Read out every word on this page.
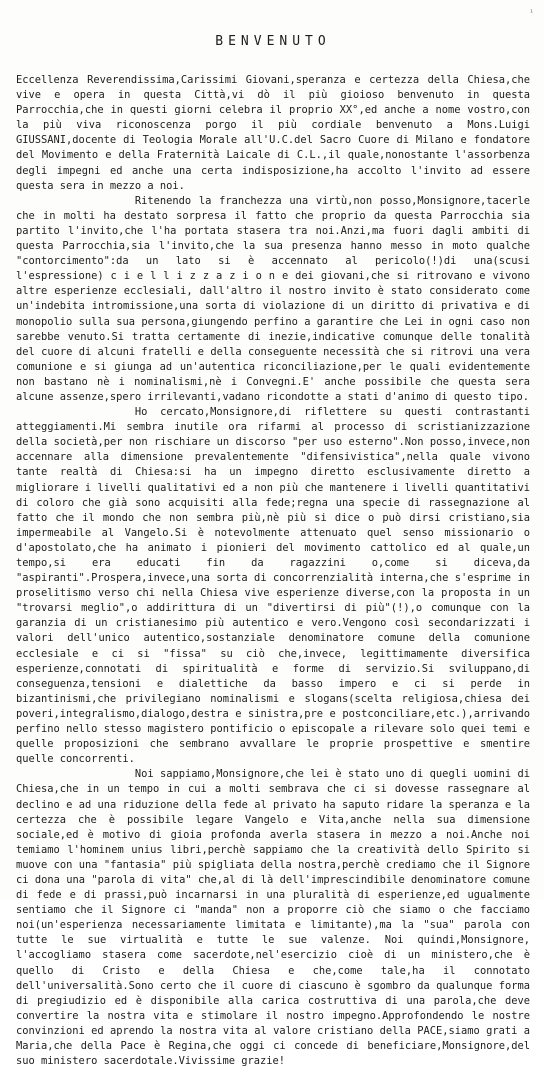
¹
BENVENUTO

Eccellenza Reverendissima,Carissimi Giovani,speranza e certezza della Chiesa,che vive e opera in questa Città,vi dò il più gioioso benvenuto in questa Parrocchia,che in questi giorni celebra il proprio XX°,ed anche a nome vostro,con la più viva riconoscenza porgo il più cordiale benvenuto a Mons.Luigi GIUSSANI,docente di Teologia Morale all'U.C.del Sacro Cuore di Milano e fondatore del Movimento e della Fraternità Laicale di C.L.,il quale,nonostante l'assorbenza degli impegni ed anche una certa indisposizione,ha accolto l'invito ad essere questa sera in mezzo a noi.

Ritenendo la franchezza una virtù,non posso,Monsignore,tacerle che in molti ha destato sorpresa il fatto che proprio da questa Parrocchia sia partito l'invito,che l'ha portata stasera tra noi.Anzi,ma fuori dagli ambiti di questa Parrocchia,sia l'invito,che la sua presenza hanno messo in moto qualche "contorcimento":da un lato si è accennato al pericolo(!)di una(scusi l'espressione) c i e l l i z z a z i o n e dei giovani,che si ritrovano e vivono altre esperienze ecclesiali, dall'altro il nostro invito è stato considerato come un'indebita intromissione,una sorta di violazione di un diritto di privativa e di monopolio sulla sua persona,giungendo perfino a garantire che Lei in ogni caso non sarebbe venuto.Si tratta certamente di inezie,indicative comunque delle tonalità del cuore di alcuni fratelli e della conseguente necessità che si ritrovi una vera comunione e si giunga ad un'autentica riconciliazione,per le quali evidentemente non bastano nè i nominalismi,nè i Convegni.E' anche possibile che questa sera alcune assenze,spero irrilevanti,vadano ricondotte a stati d'animo di questo tipo.

Ho cercato,Monsignore,di riflettere su questi contrastanti atteggiamenti.Mi sembra inutile ora rifarmi al processo di scristianizzazione della società,per non rischiare un discorso "per uso esterno".Non posso,invece,non accennare alla dimensione prevalentemente "difensivistica",nella quale vivono tante realtà di Chiesa:si ha un impegno diretto esclusivamente diretto a migliorare i livelli qualitativi ed a non più che mantenere i livelli quantitativi di coloro che già sono acquisiti alla fede;regna una specie di rassegnazione al fatto che il mondo che non sembra più,nè più si dice o può dirsi cristiano,sia impermeabile al Vangelo.Si è notevolmente attenuato quel senso missionario o d'apostolato,che ha animato i pionieri del movimento cattolico ed al quale,un tempo,si era educati fin da ragazzini o,come si diceva,da "aspiranti".Prospera,invece,una sorta di concorrenzialità interna,che s'esprime in proselitismo verso chi nella Chiesa vive esperienze diverse,con la proposta in un "trovarsi meglio",o addirittura di un "divertirsi di più"(!),o comunque con la garanzia di un cristianesimo più autentico e vero.Vengono così secondarizzati i valori dell'unico autentico,sostanziale denominatore comune della comunione ecclesiale e ci si "fissa" su ciò che,invece, legittimamente diversifica esperienze,connotati di spiritualità e forme di servizio.Si sviluppano,di conseguenza,tensioni e dialettiche da basso impero e ci si perde in bizantinismi,che privilegiano nominalismi e slogans(scelta religiosa,chiesa dei poveri,integralismo,dialogo,destra e sinistra,pre e postconciliare,etc.),arrivando perfino nello stesso magistero pontificio o episcopale a rilevare solo quei temi e quelle proposizioni che sembrano avvallare le proprie prospettive e smentire quelle concorrenti.

Noi sappiamo,Monsignore,che lei è stato uno di quegli uomini di Chiesa,che in un tempo in cui a molti sembrava che ci si dovesse rassegnare al declino e ad una riduzione della fede al privato ha saputo ridare la speranza e la certezza che è possibile legare Vangelo e Vita,anche nella sua dimensione sociale,ed è motivo di gioia profonda averla stasera in mezzo a noi.Anche noi temiamo l'hominem unius libri,perchè sappiamo che la creatività dello Spirito si muove con una "fantasia" più spigliata della nostra,perchè crediamo che il Signore ci dona una "parola di vita" che,al di là dell'imprescindibile denominatore comune di fede e di prassi,può incarnarsi in una pluralità di esperienze,ed ugualmente sentiamo che il Signore ci "manda" non a proporre ciò che siamo o che facciamo noi(un'esperienza necessariamente limitata e limitante),ma la "sua" parola con tutte le sue virtualità e tutte le sue valenze. Noi quindi,Monsignore, l'accogliamo stasera come sacerdote,nel'esercizio cioè di un ministero,che è quello di Cristo e della Chiesa e che,come tale,ha il connotato dell'universalità.Sono certo che il cuore di ciascuno è sgombro da qualunque forma di pregiudizio ed è disponibile alla carica costruttiva di una parola,che deve convertire la nostra vita e stimolare il nostro impegno.Approfondendo le nostre convinzioni ed aprendo la nostra vita al valore cristiano della PACE,siamo grati a Maria,che della Pace è Regina,che oggi ci concede di beneficiare,Monsignore,del suo ministero sacerdotale.Vivissime grazie!
